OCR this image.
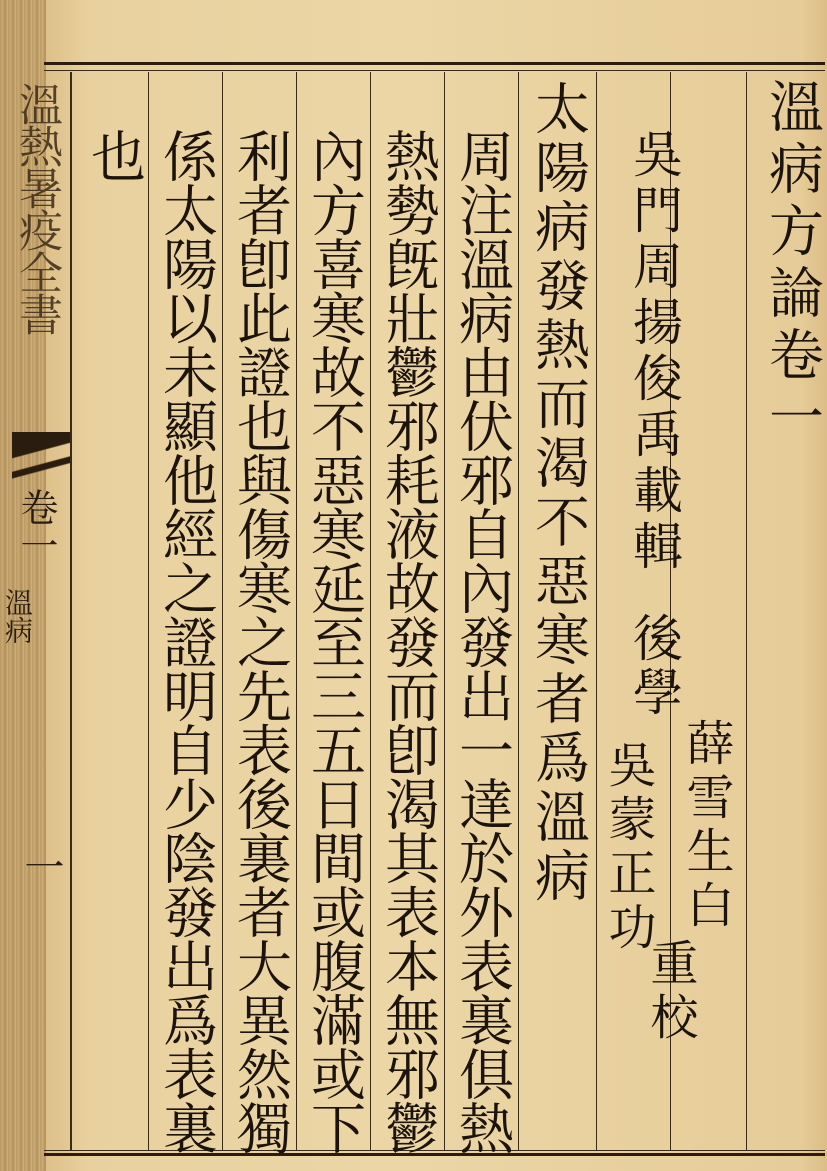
溫熱暑疫全書
卷一
溫病
一
溫病方論卷一
吳門周揚俊禹載輯
後學
薛雪生白
吳蒙正功
重校
太陽病發熱而渴不惡寒者爲溫病
周注溫病由伏邪自內發出一達於外表裏俱熱
熱勢旣壯鬱邪耗液故發而卽渴其表本無邪鬱
內方喜寒故不惡寒延至三五日間或腹滿或下
利者卽此證也與傷寒之先表後裏者大異然獨
係太陽以未顯他經之證明自少陰發出爲表裏
也
